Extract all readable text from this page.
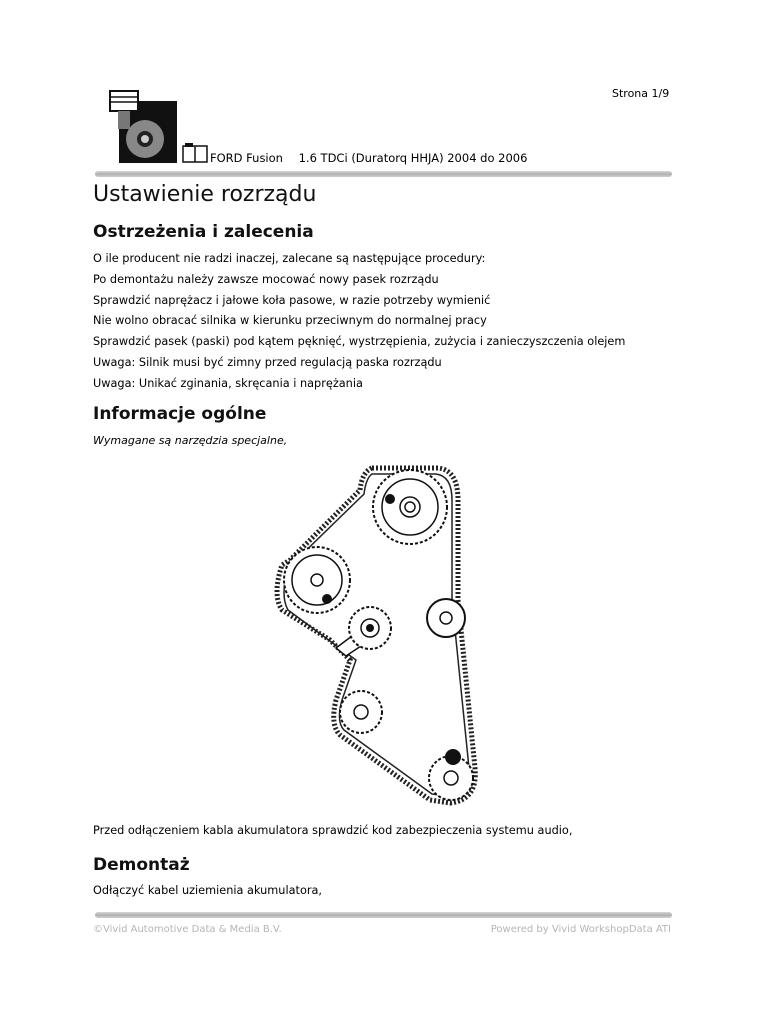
Strona 1/9
FORD Fusion 1.6 TDCi (Duratorq HHJA) 2004 do 2006
Ustawienie rozrządu
Ostrzeżenia i zalecenia
O ile producent nie radzi inaczej, zalecane są następujące procedury:
Po demontażu należy zawsze mocować nowy pasek rozrządu
Sprawdzić naprężacz i jałowe koła pasowe, w razie potrzeby wymienić
Nie wolno obracać silnika w kierunku przeciwnym do normalnej pracy
Sprawdzić pasek (paski) pod kątem pęknięć, wystrzępienia, zużycia i zanieczyszczenia olejem
Uwaga: Silnik musi być zimny przed regulacją paska rozrządu
Uwaga: Unikać zginania, skręcania i naprężania
Informacje ogólne
Wymagane są narzędzia specjalne,
Przed odłączeniem kabla akumulatora sprawdzić kod zabezpieczenia systemu audio,
Demontaż
Odłączyć kabel uziemienia akumulatora,
©Vivid Automotive Data & Media B.V.	Powered by Vivid WorkshopData ATI
